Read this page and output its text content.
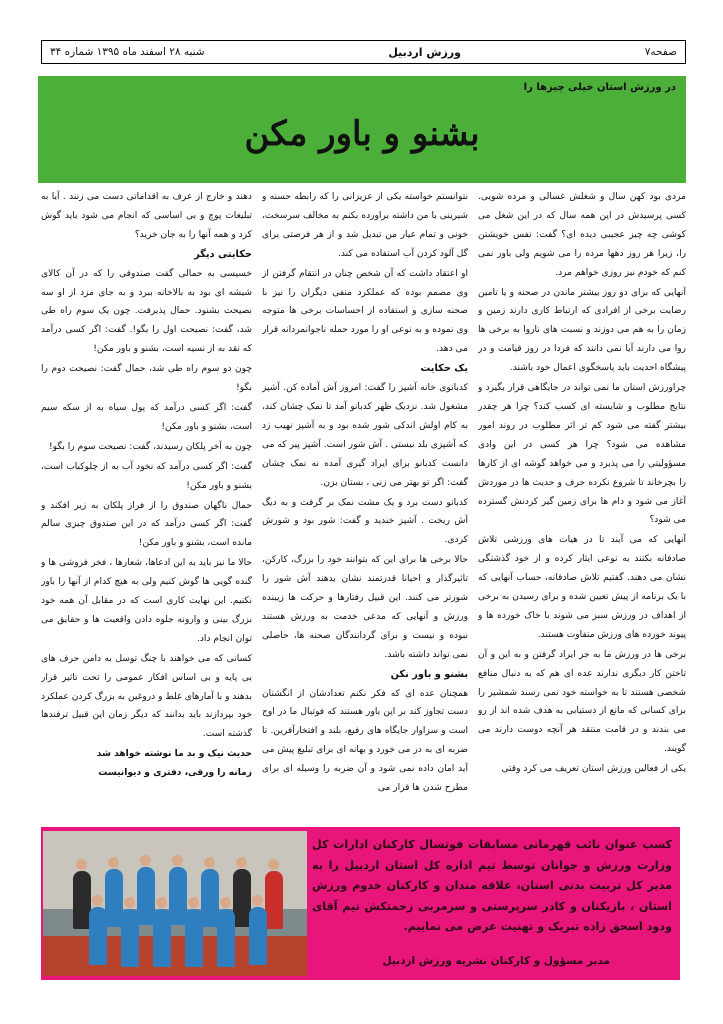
صفحه۷
ورزش اردبیل
شنبه ۲۸ اسفند ماه ۱۳۹۵ شماره ۳۴
در ورزش استان خیلی چیزها را
بشنو و باور مکن

مردی بود کهن سال و شغلش غسالی و مرده شویی. کسی پرسیدش در این همه سال که در این شغل می کوشی چه چیز عجیبی دیده ای؟ گفت: نفس خویشتن را، زیرا هر روز دهها مرده را می شویم ولی باور نمی کنم که خودم نیز روزی خواهم مرد.

آنهایی که برای دو روز بیشتر ماندن در صحنه و یا تامین رضایت برخی از افرادی که ارتباط کاری دارند زمین و زمان را به هم می دوزند و نسبت های ناروا به برخی ها روا می دارند آیا نمی دانند که فردا در روز قیامت و در پیشگاه احدیت باید پاسخگوی اعمال خود باشند.

چراورزش استان ما نمی تواند در جایگاهی قرار بگیرد و نتایج مطلوب و شایسته ای کسب کند؟ چرا هر چقدر بیشتر گفته می شود کم تر اثر مطلوب در روند امور مشاهده می شود؟ چرا هر کسی در این وادی مسؤولیتی را می پذیرد و می خواهد گوشه ای از کارها را بچرخاند تا شروع نکرده حرف و حدیث ها در موردش آغاز می شود و دام ها برای زمین گیر کردنش گسترده می شود؟

آنهایی که می آیند تا در هیات های ورزشی تلاش صادقانه بکنند به نوعی ایثار کرده و از خود گذشتگی نشان می دهند. گفتیم تلاش صادقانه، حساب آنهایی که با یک برنامه از پیش تعیین شده و برای رسیدن به برخی از اهداف در ورزش سبز می شوند با خاک خورده ها و پیوند خورده های ورزش متفاوت هستند.

برخی ها در ورزش ما به جز ایراد گرفتن و به این و آن تاختن کار دیگری ندارند عده ای هم که به دنبال منافع شخصی هستند تا به خواسته خود نمی رسند شمشیر را برای کسانی که مانع از دستیابی به هدف شده اند از رو می بندند و در قامت منتقد هر آنچه دوست دارند می گویند.

یکی از فعالین ورزش استان تعریف می کرد وقتی

نتوانستم خواسته یکی از عزیزانی را که رابطه حسنه و شیرینی با من داشته براورده بکنم به مخالف سرسخت، خونی و تمام عیار من تبدیل شد و از هر فرصتی برای گل آلود کردن آب استفاده می کند.

او اعتقاد داشت که آن شخص چنان در انتقام گرفتن از وی مصمم بوده که عملکرد منفی دیگران را نیز با صحنه سازی و استفاده از احساسات برخی ها متوجه وی نموده و به نوعی او را مورد حمله ناجوانمردانه قرار می دهد.

یک حکایت

کدبانوی خانه آشپز را گفت: امروز آش آماده کن. آشپز مشغول شد. نزدیک ظهر کدبانو آمد تا نمک چشان کند، به کام اولش اندکی شور شده بود و به آشپز نهیب زد که آشپزی بلد نیستی . آش شور است. آشپز پیر که می دانست کدبانو برای ایراد گیری آمده نه نمک چشان گفت: اگر تو بهتر می زنی ، بستان بزن.

کدبانو دست برد و یک مشت نمک بر گرفت و به دیگ آش ریخت . آشپز خندید و گفت: شور بود و شورش کردی.

حالا برخی ها برای این که بتوانند خود را بزرگ، کارکن، تاثیرگذار و احیانا قدرتمند نشان بدهند آش شور را شورتر می کنند. این قبیل رفتارها و حرکت ها زیبنده ورزش و آنهایی که مدعی خدمت به ورزش هستند نبوده و نیست و برای گردانندگان صحنه ها، حاصلی نمی تواند داشته باشد.

بشنو و باور نکن

همچنان عده ای که فکر نکنم تعدادشان از انگشتان دست تجاوز کند بر این باور هستند که فوتبال ما در اوج است و سزاوار جایگاه های رفیع، بلند و افتخارآفرین. تا ضربه ای به در می خورد و بهانه ای برای تبلیغ پیش می آید امان داده نمی شود و آن ضربه را وسیله ای برای مطرح شدن ها قرار می

دهند و خارج از عرف به اقداماتی دست می زنند . آیا به تبلیغات پوچ و بی اساسی که انجام می شود باید گوش کرد و همه آنها را به جان خرید؟

حکایتی دیگر

خسیسی به حمالی گفت صندوقی را که در آن کالای شیشه ای بود به بالاخانه ببرد و به جای مزد از او سه نصیحت بشنود. حمال پذیرفت. چون یک سوم راه طی شد، گفت: نصیحت اول را بگو!. گفت: اگر کسی درآمد که نقد به از نسیه است، بشنو و باور مکن!

چون دو سوم راه طی شد، حمال گفت: نصیحت دوم را بگو!

گفت: اگر کسی درآمد که پول سیاه به از سکه سیم است، بشنو و باور مکن!

چون به آخر پلکان رسیدند، گفت: نصیحت سوم را بگو!

گفت: اگر کسی درآمد که نخود آب به از چلوکباب است، بشنو و باور مکن!

حمال ناگهان صندوق را از فراز پلکان به زیر افکند و گفت: اگر کسی درآمد که در این صندوق چیزی سالم مانده است، بشنو و باور مکن!

حالا ما نیز باید به این ادعاها، شعارها ، فخر فروشی ها و گنده گویی ها گوش کنیم ولی به هیچ کدام از آنها را باور نکنیم. این نهایت کاری است که در مقابل آن همه خود بزرگ بینی و وارونه جلوه دادن واقعیت ها و حقایق می توان انجام داد.

کسانی که می خواهند با چنگ توسل به دامن حرف های بی پایه و بی اساس افکار عمومی را تحت تاثیر قرار بدهند و با آمارهای غلط و دروغین به بزرگ کردن عملکرد خود بپردازند باید بدانند که دیگر زمان این قبیل ترفندها گذشته است.

حدیث نیک و بد ما نوشته خواهد شد

زمانه را ورقی، دفتری و دیوانیست

کسب عنوان نائب قهرمانی مسابقات فوتسال کارکنان ادارات کل وزارت ورزش و جوانان توسط تیم اداره کل استان اردبیل را به مدیر کل تربیت بدنی استان، علاقه مندان و کارکنان خدوم ورزش استان ، بازیکنان و کادر سرپرستی و سرمربی زحمتکش تیم آقای ودود اسحق زاده تبریک و تهنیت عرض می نماییم.
مدیر مسؤول و کارکنان نشریه ورزش اردبیل
